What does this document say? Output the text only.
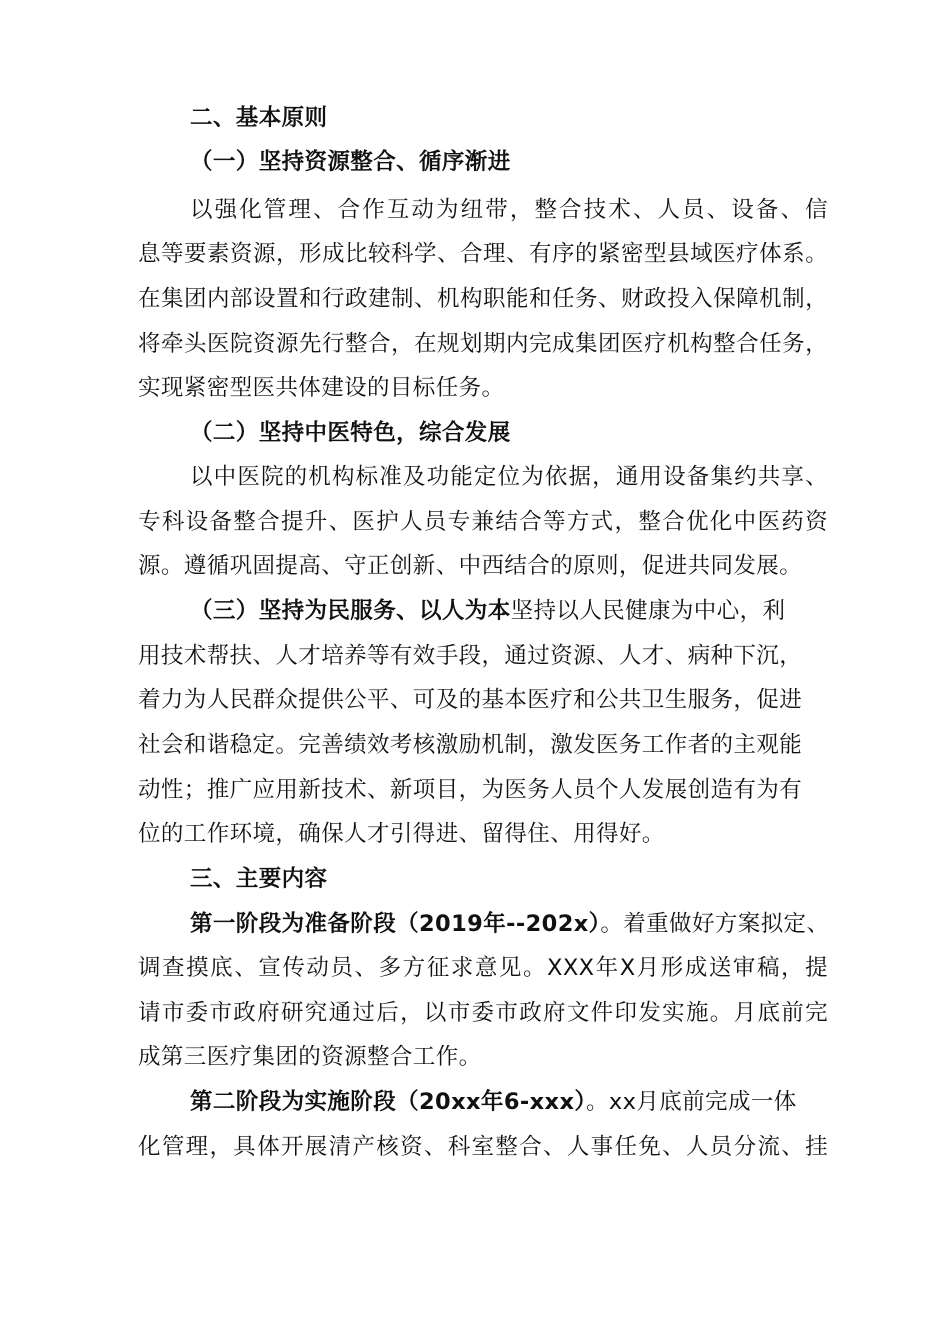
二、基本原则
（一）坚持资源整合、循序渐进
以强化管理、合作互动为纽带，整合技术、人员、设备、信
息等要素资源，形成比较科学、合理、有序的紧密型县域医疗体系。
在集团内部设置和行政建制、机构职能和任务、财政投入保障机制，
将牵头医院资源先行整合，在规划期内完成集团医疗机构整合任务，
实现紧密型医共体建设的目标任务。
（二）坚持中医特色，综合发展
以中医院的机构标准及功能定位为依据，通用设备集约共享、
专科设备整合提升、医护人员专兼结合等方式，整合优化中医药资
源。遵循巩固提高、守正创新、中西结合的原则，促进共同发展。
（三）坚持为民服务、以人为本坚持以人民健康为中心，利
用技术帮扶、人才培养等有效手段，通过资源、人才、病种下沉，
着力为人民群众提供公平、可及的基本医疗和公共卫生服务，促进
社会和谐稳定。完善绩效考核激励机制，激发医务工作者的主观能
动性；推广应用新技术、新项目，为医务人员个人发展创造有为有
位的工作环境，确保人才引得进、留得住、用得好。
三、主要内容
第一阶段为准备阶段（2019年--202x）。着重做好方案拟定、
调查摸底、宣传动员、多方征求意见。XXX年X月形成送审稿，提
请市委市政府研究通过后，以市委市政府文件印发实施。月底前完
成第三医疗集团的资源整合工作。
第二阶段为实施阶段（20xx年6-xxx）。xx月底前完成一体
化管理，具体开展清产核资、科室整合、人事任免、人员分流、挂
